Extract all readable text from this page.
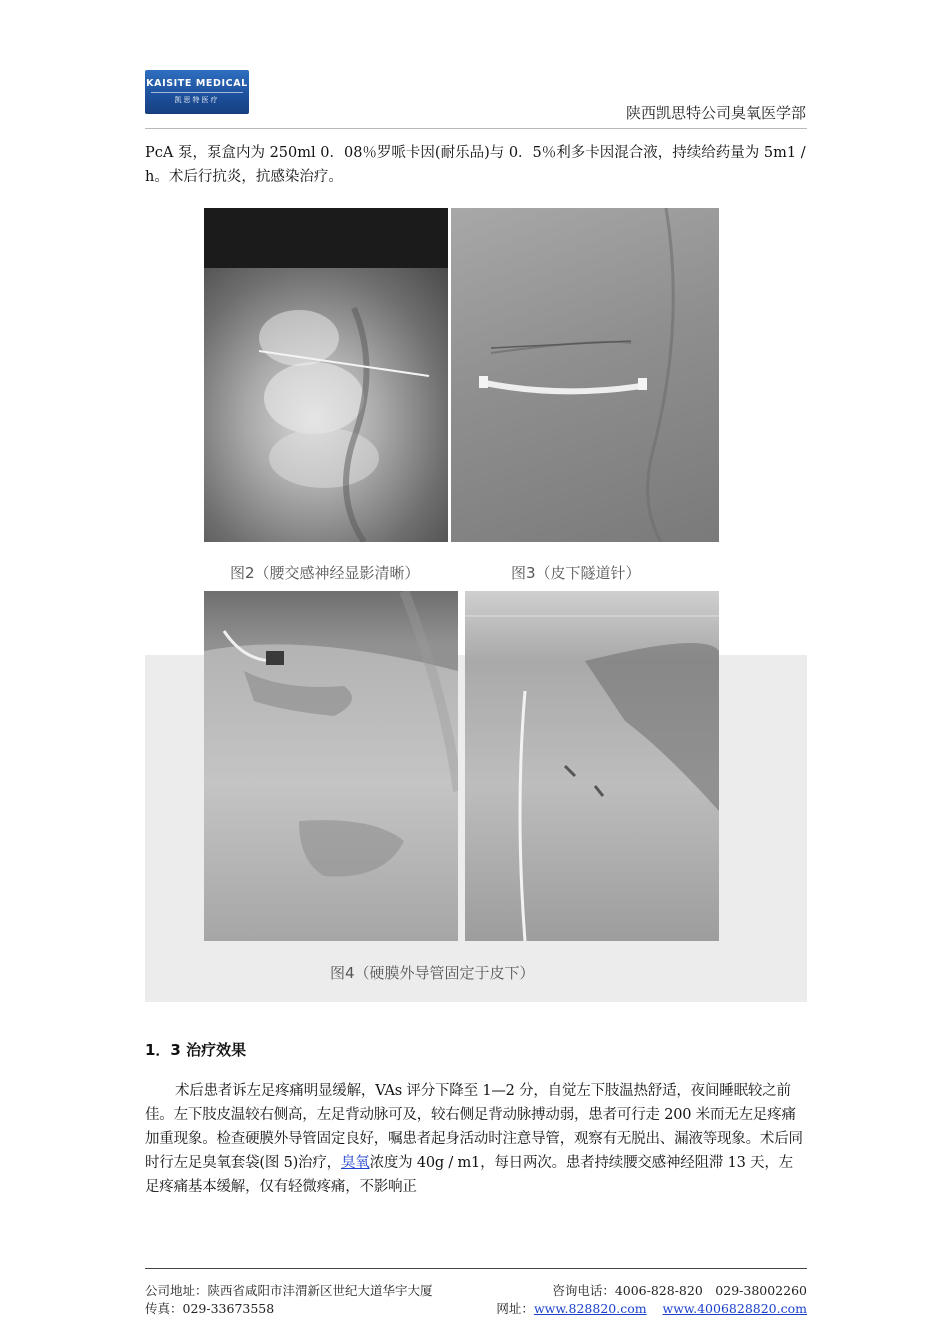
KAISITE MEDICAL
凯思特医疗
陕西凯思特公司臭氧医学部
PcA 泵，泵盒内为 250ml 0．08％罗哌卡因(耐乐品)与 0．5％利多卡因混合液，持续给药量为 5m1 / h。术后行抗炎，抗感染治疗。
图2（腰交感神经显影清晰）	图3（皮下隧道针）
图4（硬膜外导管固定于皮下）
1．3 治疗效果
术后患者诉左足疼痛明显缓解，VAs 评分下降至 1—2 分，自觉左下肢温热舒适，夜间睡眠较之前佳。左下肢皮温较右侧高，左足背动脉可及，较右侧足背动脉搏动弱，患者可行走 200 米而无左足疼痛加重现象。检查硬膜外导管固定良好，嘱患者起身活动时注意导管，观察有无脱出、漏液等现象。术后同时行左足臭氧套袋(图 5)治疗，臭氧浓度为 40g / m1，每日两次。患者持续腰交感神经阻滞 13 天，左足疼痛基本缓解，仅有轻微疼痛，不影响正
公司地址：陕西省咸阳市沣渭新区世纪大道华宇大厦	咨询电话：4006-828-820　029-38002260
传真：029-33673558	网址：www.828820.com www.4006828820.com
